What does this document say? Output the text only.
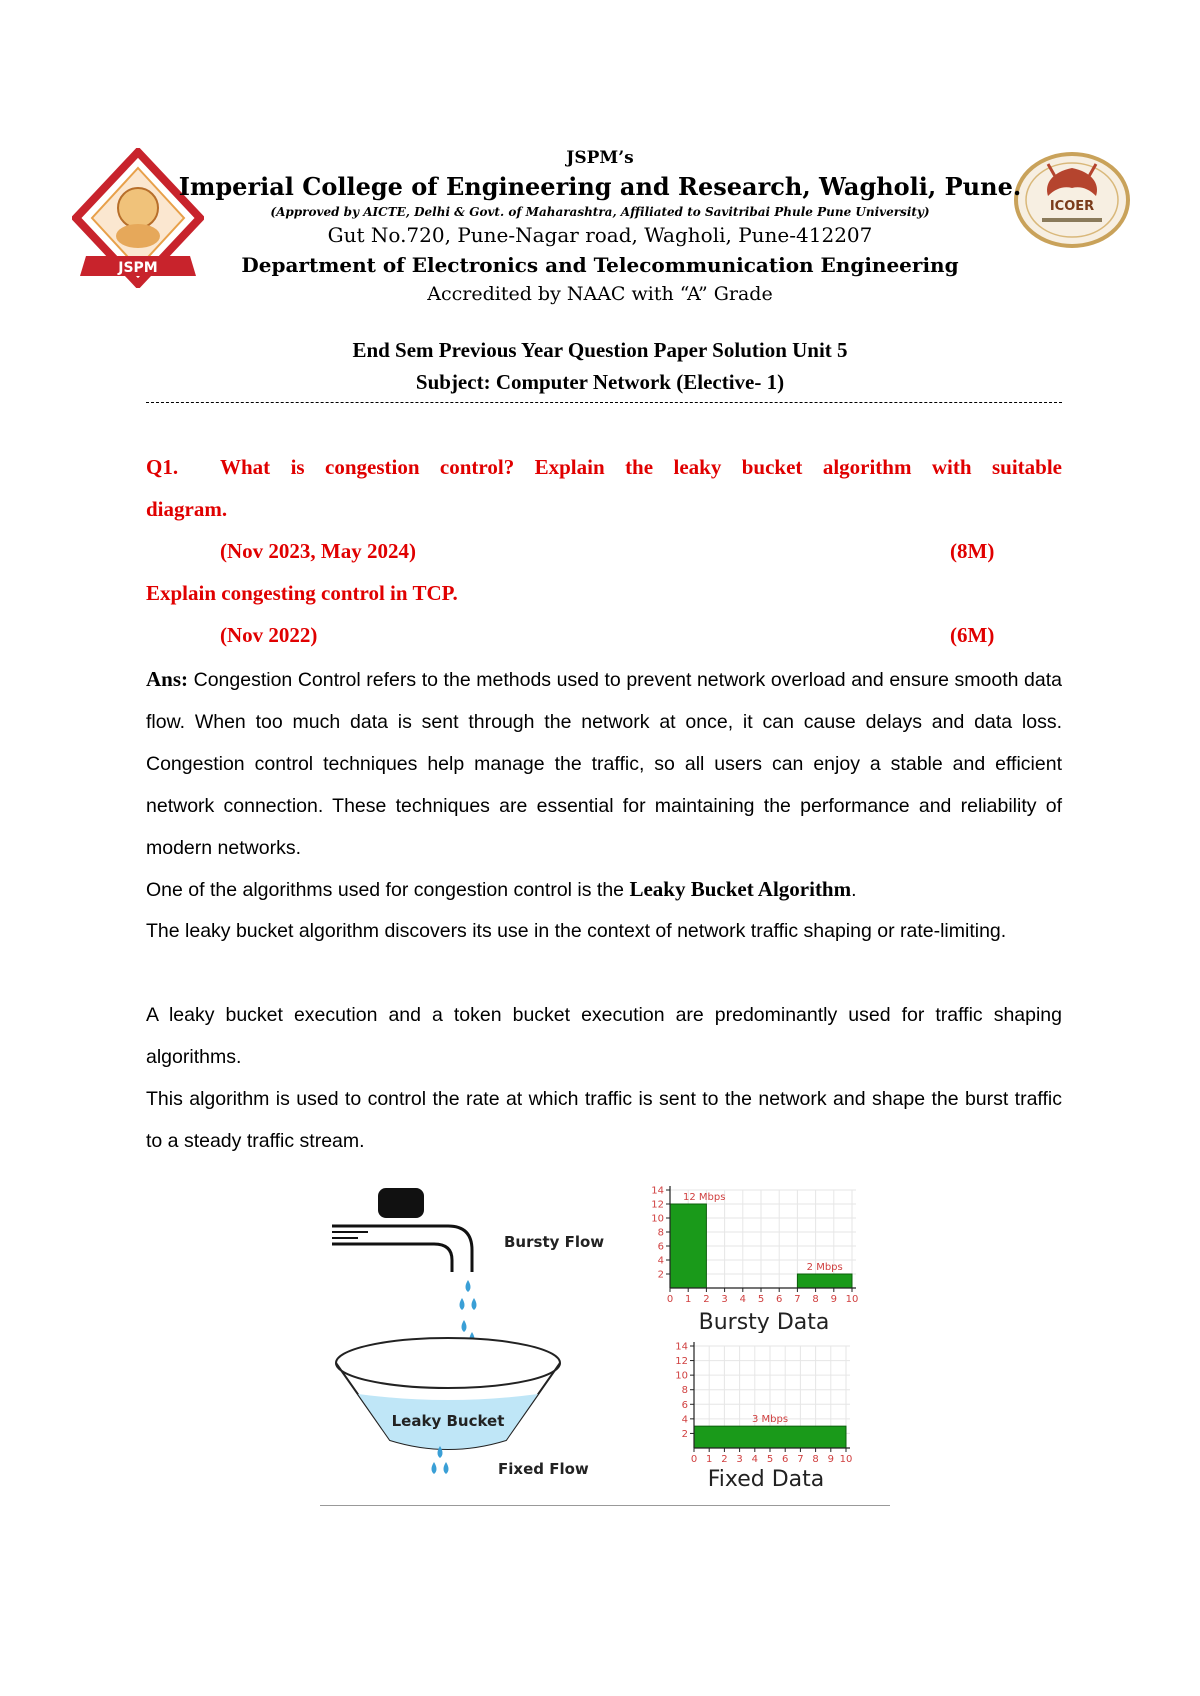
JSPM
ICOER
JSPM’s
Imperial College of Engineering and Research, Wagholi, Pune.
(Approved by AICTE, Delhi & Govt. of Maharashtra, Affiliated to Savitribai Phule Pune University)
Gut No.720, Pune-Nagar road, Wagholi, Pune-412207
Department of Electronics and Telecommunication Engineering
Accredited by NAAC with “A” Grade
End Sem Previous Year Question Paper Solution Unit 5
Subject: Computer Network (Elective- 1)
Q1. What is congestion control? Explain the leaky bucket algorithm with suitable
diagram.
(Nov 2023, May 2024)	(8M)
Explain congesting control in TCP.
(Nov 2022)	(6M)
Ans: Congestion Control refers to the methods used to prevent network overload and ensure smooth data flow. When too much data is sent through the network at once, it can cause delays and data loss. Congestion control techniques help manage the traffic, so all users can enjoy a stable and efficient network connection. These techniques are essential for maintaining the performance and reliability of modern networks.
One of the algorithms used for congestion control is the Leaky Bucket Algorithm.
The leaky bucket algorithm discovers its use in the context of network traffic shaping or rate-limiting.
A leaky bucket execution and a token bucket execution are predominantly used for traffic shaping algorithms.
This algorithm is used to control the rate at which traffic is sent to the network and shape the burst traffic to a steady traffic stream.
Bursty Flow
Leaky Bucket
Fixed Flow
Bursty Data
12 Mbps
2 Mbps
2
4
6
8
10
12
14
0 1 2 3 4 5 6 7 8 9 10
Fixed Data
3 Mbps
2
4
6
8
10
12
14
0 1 2 3 4 5 6 7 8 9 10
